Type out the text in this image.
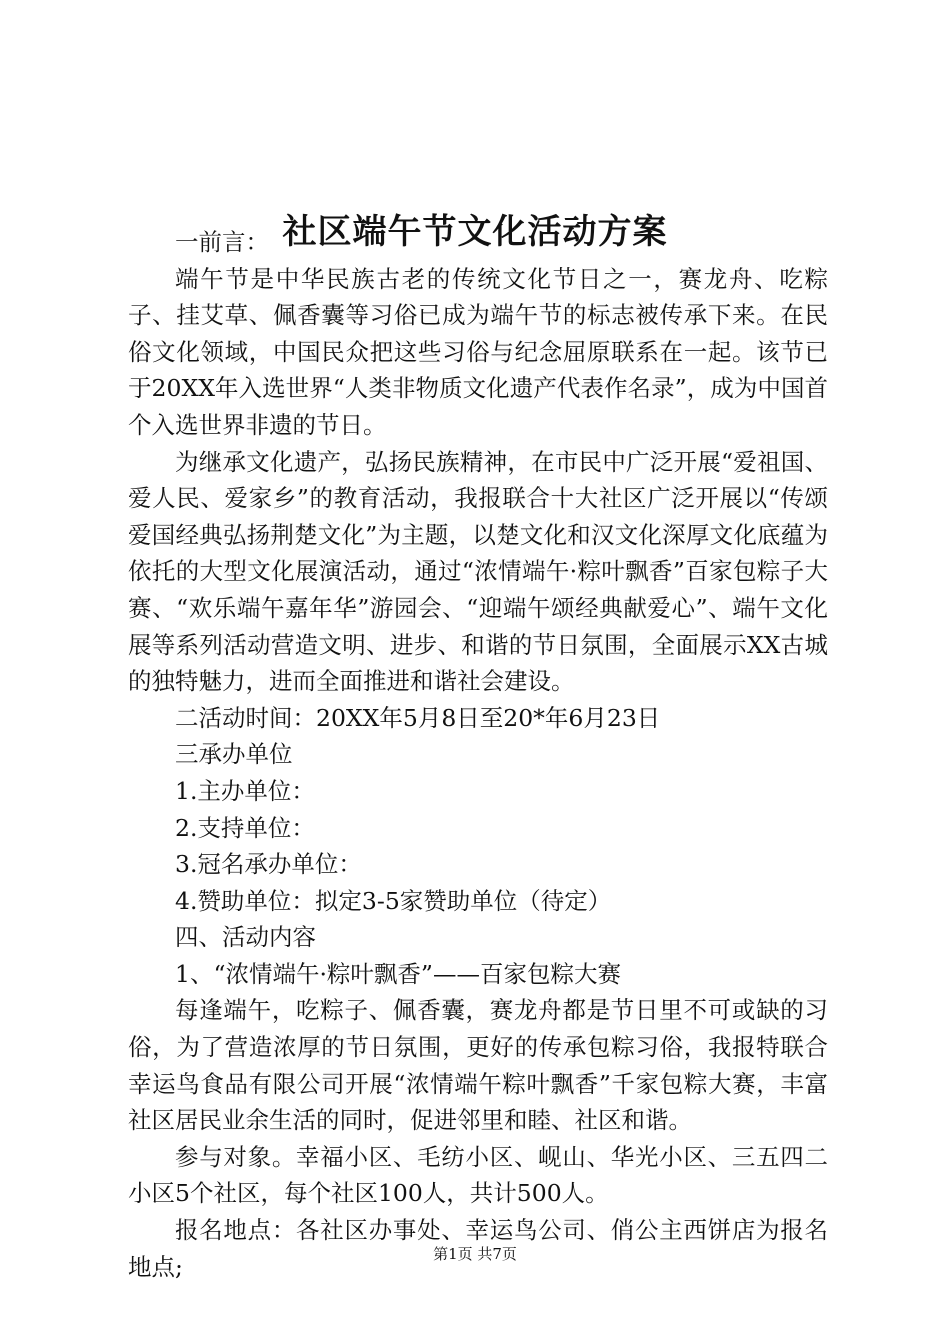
社区端午节文化活动方案

一前言：

端午节是中华民族古老的传统文化节日之一，赛龙舟、吃粽子、挂艾草、佩香囊等习俗已成为端午节的标志被传承下来。在民俗文化领域，中国民众把这些习俗与纪念屈原联系在一起。该节已于20XX年入选世界“人类非物质文化遗产代表作名录”，成为中国首个入选世界非遗的节日。

为继承文化遗产，弘扬民族精神，在市民中广泛开展“爱祖国、爱人民、爱家乡”的教育活动，我报联合十大社区广泛开展以“传颂爱国经典弘扬荆楚文化”为主题，以楚文化和汉文化深厚文化底蕴为依托的大型文化展演活动，通过“浓情端午·粽叶飘香”百家包粽子大赛、“欢乐端午嘉年华”游园会、“迎端午颂经典献爱心”、端午文化展等系列活动营造文明、进步、和谐的节日氛围，全面展示XX古城的独特魅力，进而全面推进和谐社会建设。

二活动时间：20XX年5月8日至20*年6月23日

三承办单位

1.主办单位：

2.支持单位：

3.冠名承办单位：

4.赞助单位：拟定3-5家赞助单位（待定）

四、活动内容

1、“浓情端午·粽叶飘香”——百家包粽大赛

每逢端午，吃粽子、佩香囊，赛龙舟都是节日里不可或缺的习俗，为了营造浓厚的节日氛围，更好的传承包粽习俗，我报特联合幸运鸟食品有限公司开展“浓情端午粽叶飘香”千家包粽大赛，丰富社区居民业余生活的同时，促进邻里和睦、社区和谐。

参与对象。幸福小区、毛纺小区、岘山、华光小区、三五四二小区5个社区，每个社区100人，共计500人。

报名地点：各社区办事处、幸运鸟公司、俏公主西饼店为报名地点;	第1页 共7页
